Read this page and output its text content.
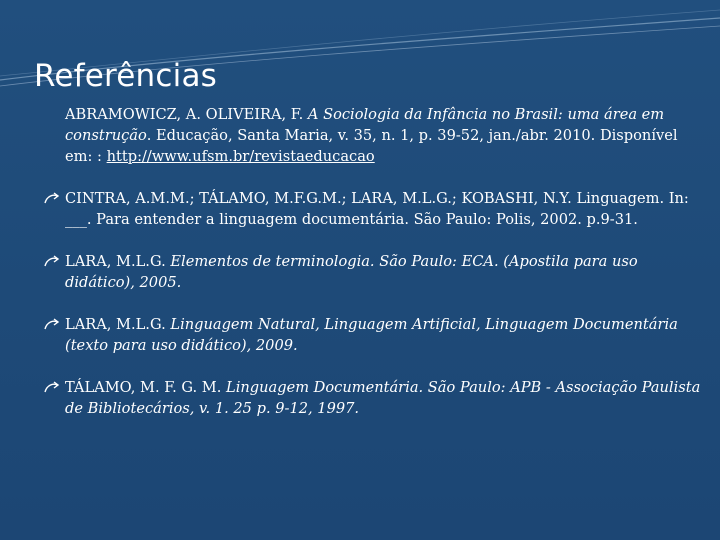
Referências
ABRAMOWICZ, A. OLIVEIRA, F. A Sociologia da Infância no Brasil: uma área em construção. Educação, Santa Maria, v. 35, n. 1, p. 39-52, jan./abr. 2010. Disponível em: : http://www.ufsm.br/revistaeducacao
CINTRA, A.M.M.; TÁLAMO, M.F.G.M.; LARA, M.L.G.; KOBASHI, N.Y. Linguagem. In: ___. Para entender a linguagem documentária. São Paulo: Polis, 2002. p.9-31.
LARA, M.L.G. Elementos de terminologia. São Paulo: ECA. (Apostila para uso didático), 2005.
LARA, M.L.G. Linguagem Natural, Linguagem Artificial, Linguagem Documentária (texto para uso didático), 2009.
TÁLAMO, M. F. G. M. Linguagem Documentária. São Paulo: APB - Associação Paulista de Bibliotecários, v. 1. 25 p. 9-12, 1997.
